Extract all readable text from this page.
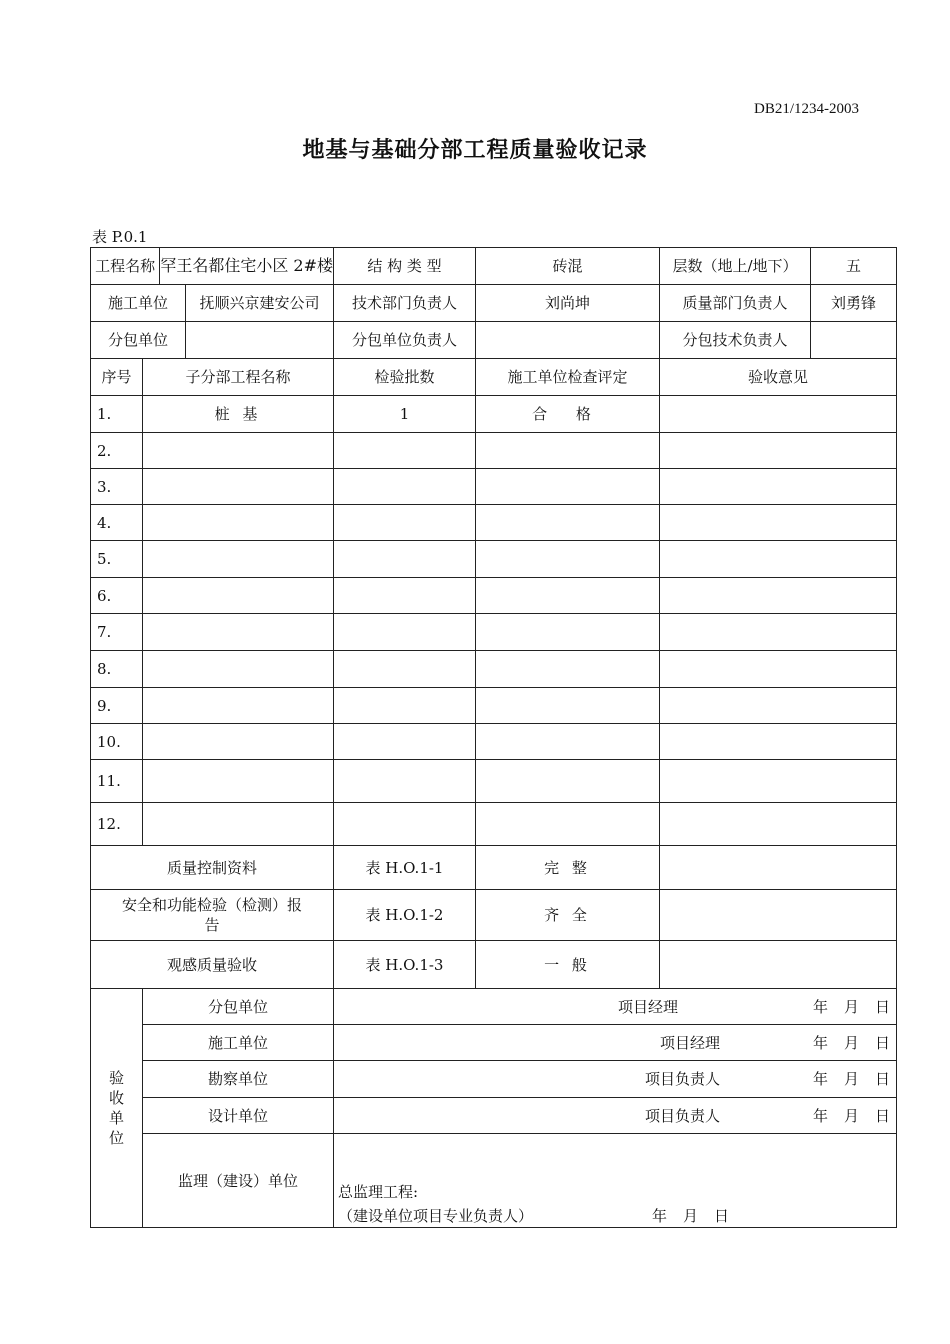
DB21/1234-2003
地基与基础分部工程质量验收记录
表 P.0.1
工程名称 罕王名都住宅小区 2#楼		结 构 类 型	砖混	层数（地上/地下）	五

施工单位 抚顺兴京建安公司		技术部门负责人	刘尚坤	质量部门负责人	刘勇锋

分包单位		分包单位负责人		分包技术负责人	
序号	子分部工程名称	检验批数	施工单位检查评定	验收意见	
1.	桩 基	1	合 格		
2.					
3.					
4.					
5.					
6.					
7.					
8.					
9.					
10.					
11.					
12.					
质量控制资料		表 H.O.1-1	完 整		
安全和功能检验（检测）报告		表 H.O.1-2	齐 全		
观感质量验收		表 H.O.1-3	一 般		

验
收
单
位	分包单位	项目经理 年 月 日			

	施工单位	项目经理 年 月 日			

	勘察单位	项目负责人 年 月 日			

	设计单位	项目负责人 年 月 日			

	监理（建设）单位	总监理工程:
（建设单位项目专业负责人） 年 月 日			
